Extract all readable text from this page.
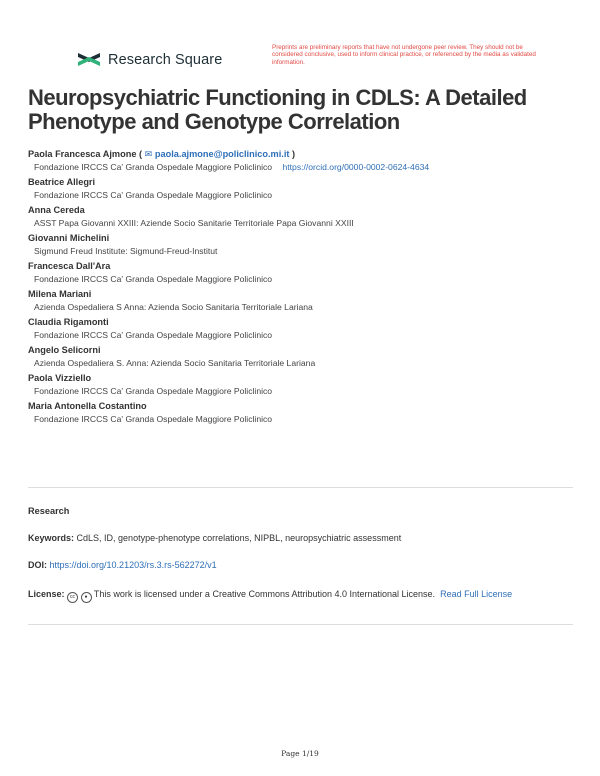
Research Square
Preprints are preliminary reports that have not undergone peer review. They should not be considered conclusive, used to inform clinical practice, or referenced by the media as validated information.
Neuropsychiatric Functioning in CDLS: A Detailed Phenotype and Genotype Correlation
Paola Francesca Ajmone ( ✉ paola.ajmone@policlinico.mi.it )
Fondazione IRCCS Ca' Granda Ospedale Maggiore Policlinico https://orcid.org/0000-0002-0624-4634
Beatrice Allegri
Fondazione IRCCS Ca' Granda Ospedale Maggiore Policlinico
Anna Cereda
ASST Papa Giovanni XXIII: Aziende Socio Sanitarie Territoriale Papa Giovanni XXIII
Giovanni Michelini
Sigmund Freud Institute: Sigmund-Freud-Institut
Francesca Dall'Ara
Fondazione IRCCS Ca' Granda Ospedale Maggiore Policlinico
Milena Mariani
Azienda Ospedaliera S Anna: Azienda Socio Sanitaria Territoriale Lariana
Claudia Rigamonti
Fondazione IRCCS Ca' Granda Ospedale Maggiore Policlinico
Angelo Selicorni
Azienda Ospedaliera S. Anna: Azienda Socio Sanitaria Territoriale Lariana
Paola Vizziello
Fondazione IRCCS Ca' Granda Ospedale Maggiore Policlinico
Maria Antonella Costantino
Fondazione IRCCS Ca' Granda Ospedale Maggiore Policlinico
Research
Keywords: CdLS, ID, genotype-phenotype correlations, NIPBL, neuropsychiatric assessment
DOI: https://doi.org/10.21203/rs.3.rs-562272/v1
License: cc ● This work is licensed under a Creative Commons Attribution 4.0 International License. Read Full License
Page 1/19
